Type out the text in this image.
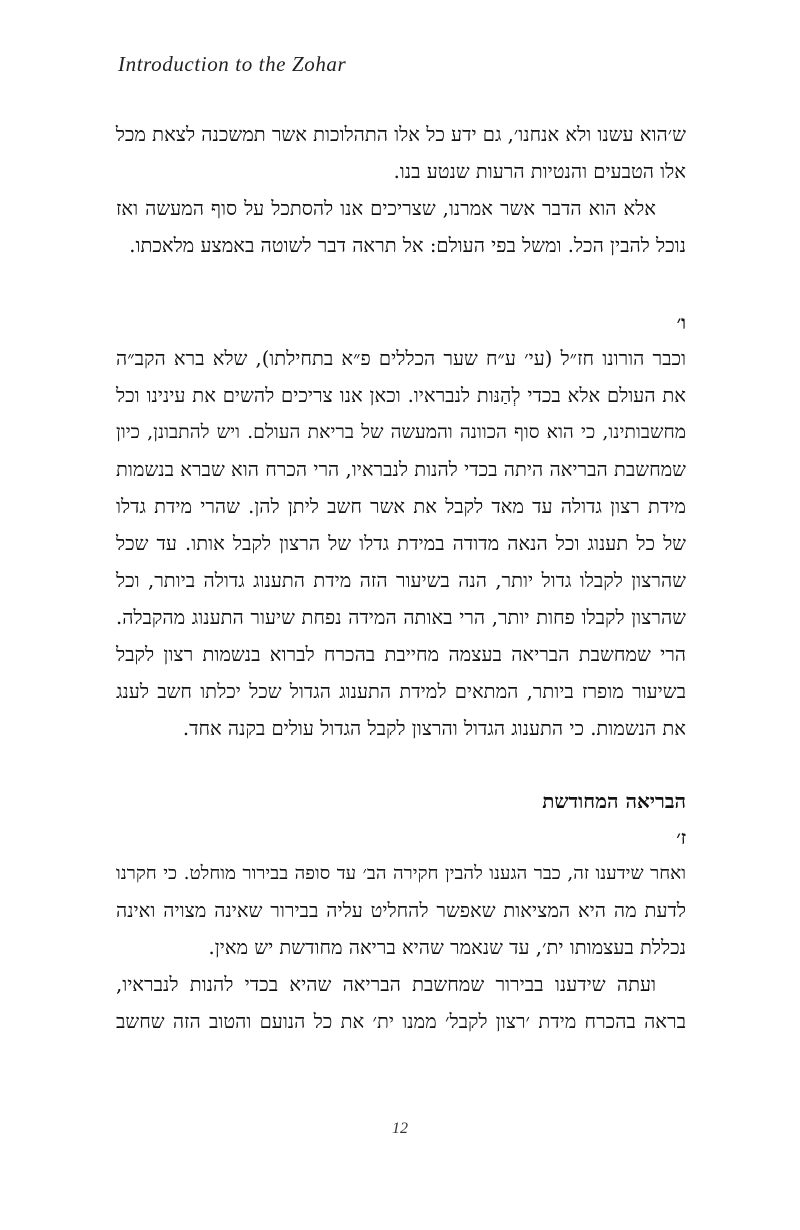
Introduction to the Zohar
ש׳הוא עשנו ולא אנחנו׳, גם ידע כל אלו התהלוכות אשר תמשכנה לצאת מכל
אלו הטבעים והנטיות הרעות שנטע בנו.
אלא הוא הדבר אשר אמרנו, שצריכים אנו להסתכל על סוף המעשה ואז
נוכל להבין הכל. ומשל בפי העולם: אל תראה דבר לשוטה באמצע מלאכתו.
ו׳
וכבר הורונו חז״ל (עי׳ ע״ח שער הכללים פ״א בתחילתו), שלא ברא הקב״ה
את העולם אלא בכדי לְהַנּות לנבראיו. וכאן אנו צריכים להשים את עינינו וכל
מחשבותינו, כי הוא סוף הכוונה והמעשה של בריאת העולם. ויש להתבונן, כיון
שמחשבת הבריאה היתה בכדי להנות לנבראיו, הרי הכרח הוא שברא בנשמות
מידת רצון גדולה עד מאד לקבל את אשר חשב ליתן להן. שהרי מידת גדלו
של כל תענוג וכל הנאה מדודה במידת גדלו של הרצון לקבל אותו. עד שכל
שהרצון לקבלו גדול יותר, הנה בשיעור הזה מידת התענוג גדולה ביותר, וכל
שהרצון לקבלו פחות יותר, הרי באותה המידה נפחת שיעור התענוג מהקבלה.
הרי שמחשבת הבריאה בעצמה מחייבת בהכרח לברוא בנשמות רצון לקבל
בשיעור מופרז ביותר, המתאים למידת התענוג הגדול שכל יכלתו חשב לענג
את הנשמות. כי התענוג הגדול והרצון לקבל הגדול עולים בקנה אחד.
הבריאה המחודשת
ז׳
ואחר שידענו זה, כבר הגענו להבין חקירה הב׳ עד סופה בבירור מוחלט. כי חקרנו
לדעת מה היא המציאות שאפשר להחליט עליה בבירור שאינה מצויה ואינה
נכללת בעצמותו ית׳, עד שנאמר שהיא בריאה מחודשת יש מאין.
ועתה שידענו בבירור שמחשבת הבריאה שהיא בכדי להנות לנבראיו,
בראה בהכרח מידת ׳רצון לקבל׳ ממנו ית׳ את כל הנועם והטוב הזה שחשב
12
